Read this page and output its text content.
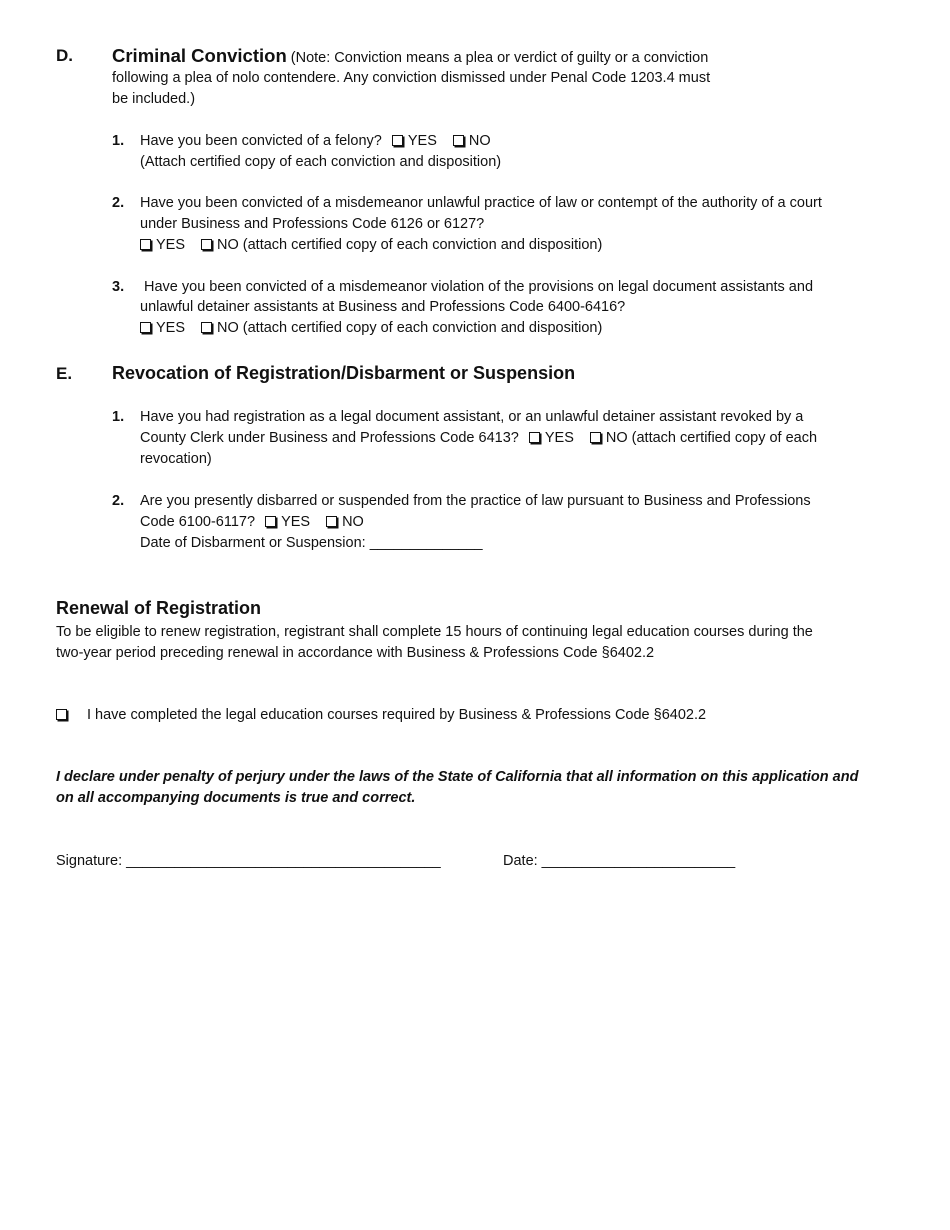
D. Criminal Conviction (Note: Conviction means a plea or verdict of guilty or a conviction
following a plea of nolo contendere. Any conviction dismissed under Penal Code 1203.4 must
be included.)
1. Have you been convicted of a felony? YES NO
(Attach certified copy of each conviction and disposition)
2. Have you been convicted of a misdemeanor unlawful practice of law or contempt of the authority of a court
under Business and Professions Code 6126 or 6127?
YES NO (attach certified copy of each conviction and disposition)
3. Have you been convicted of a misdemeanor violation of the provisions on legal document assistants and
unlawful detainer assistants at Business and Professions Code 6400-6416?
YES NO (attach certified copy of each conviction and disposition)
E. Revocation of Registration/Disbarment or Suspension
1. Have you had registration as a legal document assistant, or an unlawful detainer assistant revoked by a
County Clerk under Business and Professions Code 6413? YES NO (attach certified copy of each
revocation)
2. Are you presently disbarred or suspended from the practice of law pursuant to Business and Professions
Code 6100-6117? YES NO
Date of Disbarment or Suspension: ______________
Renewal of Registration
To be eligible to renew registration, registrant shall complete 15 hours of continuing legal education courses during the
two-year period preceding renewal in accordance with Business & Professions Code §6402.2
I have completed the legal education courses required by Business & Professions Code §6402.2
I declare under penalty of perjury under the laws of the State of California that all information on this application and
on all accompanying documents is true and correct.
Signature: _______________________________________	Date: ________________________
